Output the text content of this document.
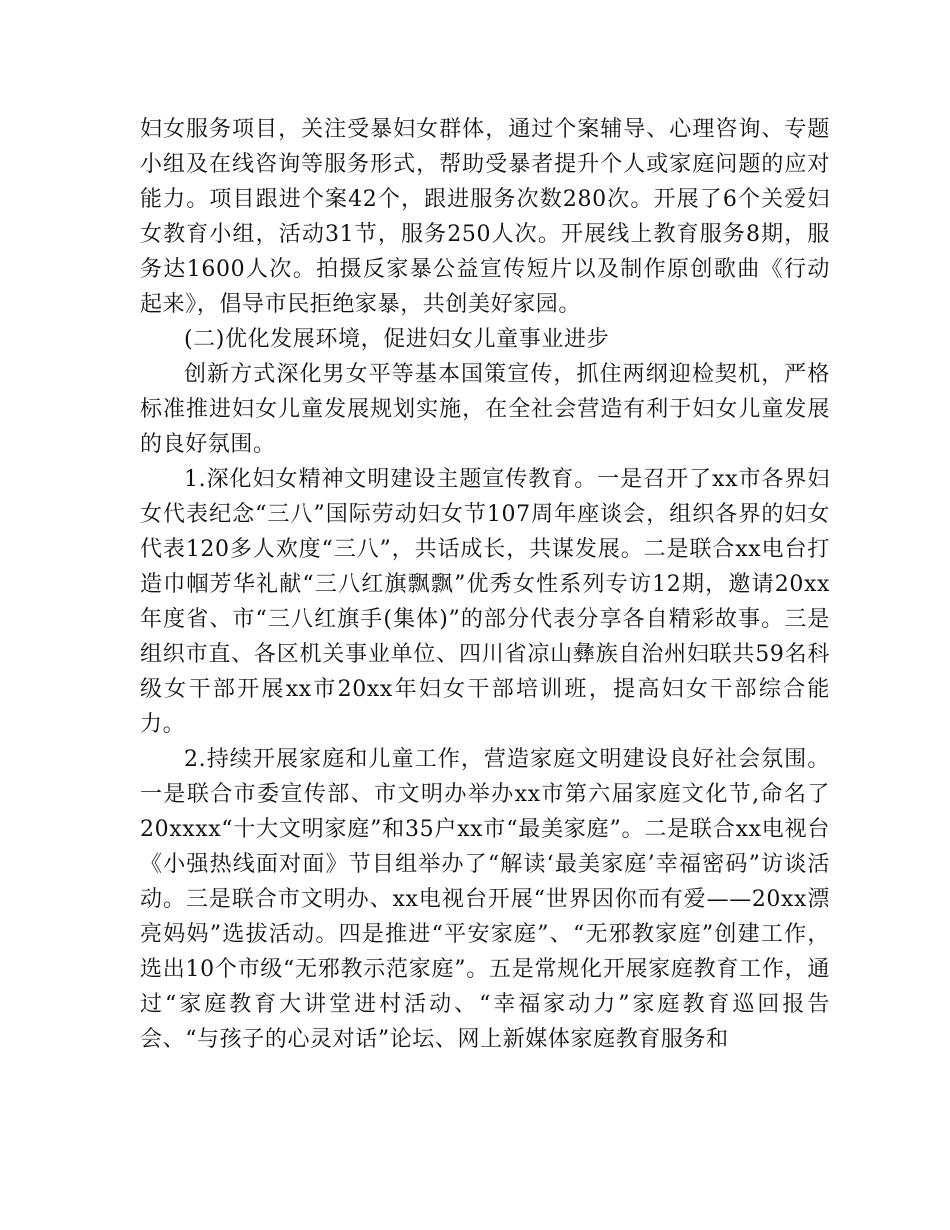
妇女服务项目，关注受暴妇女群体，通过个案辅导、心理咨询、专题小组及在线咨询等服务形式，帮助受暴者提升个人或家庭问题的应对能力。项目跟进个案42个，跟进服务次数280次。开展了6个关爱妇女教育小组，活动31节，服务250人次。开展线上教育服务8期，服务达1600人次。拍摄反家暴公益宣传短片以及制作原创歌曲《行动起来》，倡导市民拒绝家暴，共创美好家园。

(二)优化发展环境，促进妇女儿童事业进步

创新方式深化男女平等基本国策宣传，抓住两纲迎检契机，严格标准推进妇女儿童发展规划实施，在全社会营造有利于妇女儿童发展的良好氛围。

1.深化妇女精神文明建设主题宣传教育。一是召开了xx市各界妇女代表纪念“三八”国际劳动妇女节107周年座谈会，组织各界的妇女代表120多人欢度“三八”，共话成长，共谋发展。二是联合xx电台打造巾帼芳华礼献“三八红旗飘飘”优秀女性系列专访12期，邀请20xx年度省、市“三八红旗手(集体)”的部分代表分享各自精彩故事。三是组织市直、各区机关事业单位、四川省凉山彝族自治州妇联共59名科级女干部开展xx市20xx年妇女干部培训班，提高妇女干部综合能力。

2.持续开展家庭和儿童工作，营造家庭文明建设良好社会氛围。一是联合市委宣传部、市文明办举办xx市第六届家庭文化节,命名了20xxxx“十大文明家庭”和35户xx市“最美家庭”。二是联合xx电视台《小强热线面对面》节目组举办了“解读‘最美家庭’幸福密码”访谈活动。三是联合市文明办、xx电视台开展“世界因你而有爱——20xx漂亮妈妈”选拔活动。四是推进“平安家庭”、“无邪教家庭”创建工作，选出10个市级“无邪教示范家庭”。五是常规化开展家庭教育工作，通过“家庭教育大讲堂进村活动、“幸福家动力”家庭教育巡回报告会、“与孩子的心灵对话”论坛、网上新媒体家庭教育服务和
